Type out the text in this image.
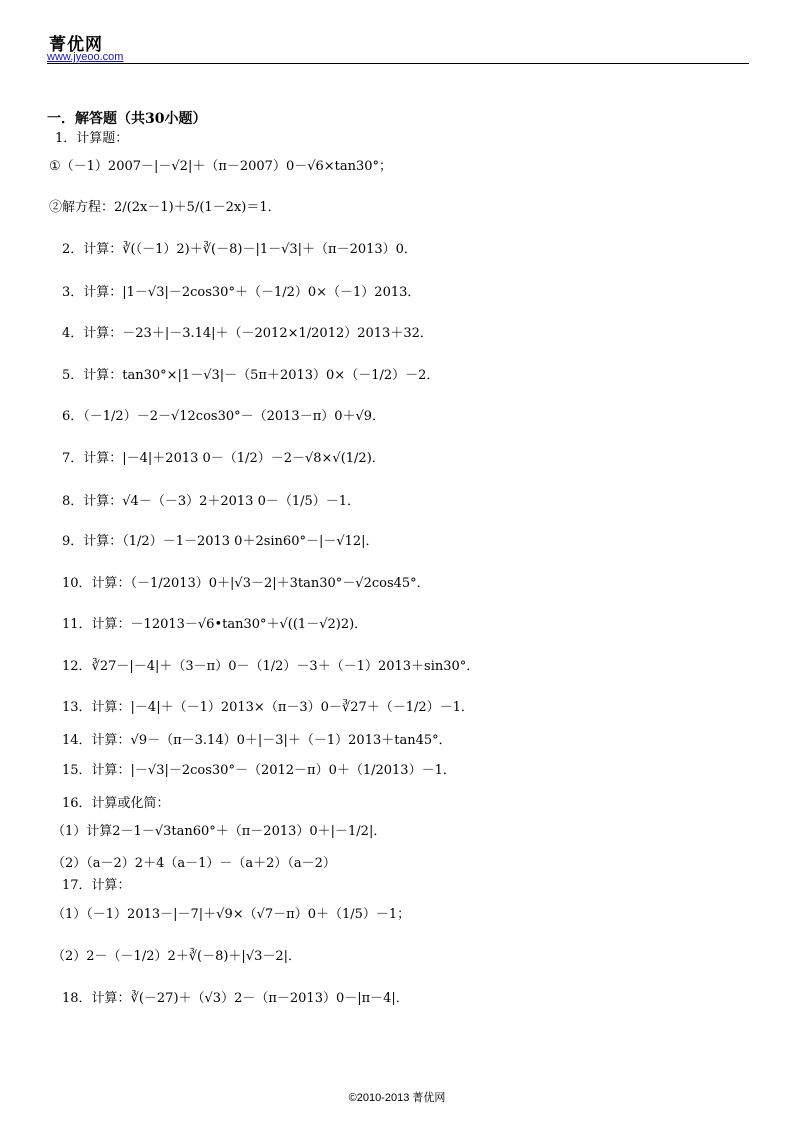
菁优网
www.jyeoo.com
一．解答题（共30小题）
1．计算题：
①（－1）2007－|－√2|＋（π－2007）0－√6×tan30°；
②解方程：2/(2x－1)＋5/(1－2x)＝1．
2．计算：∛(（－1）2)＋∛(－8)－|1－√3|＋（π－2013）0．
3．计算：|1－√3|－2cos30°＋（－1/2）0×（－1）2013．
4．计算：－23＋|－3.14|＋（－2012×1/2012）2013＋32．
5．计算：tan30°×|1－√3|－（5π＋2013）0×（－1/2）－2．
6．（－1/2）－2－√12cos30°－（2013－π）0＋√9．
7．计算：|－4|＋2013 0－（1/2）－2－√8×√(1/2)．
8．计算：√4－（－3）2＋2013 0－（1/5）－1．
9．计算：（1/2）－1－2013 0＋2sin60°－|－√12|．
10．计算：（－1/2013）0＋|√3－2|＋3tan30°－√2cos45°．
11．计算：－12013－√6•tan30°＋√((1－√2)2)．
12．∛27－|－4|＋（3－π）0－（1/2）－3＋（－1）2013＋sin30°．
13．计算：|－4|＋（－1）2013×（π－3）0－∛27＋（－1/2）－1．
14．计算：√9－（π－3.14）0＋|－3|＋（－1）2013＋tan45°．
15．计算：|－√3|－2cos30°－（2012－π）0＋（1/2013）－1．
16．计算或化简：
（1）计算2－1－√3tan60°＋（π－2013）0＋|－1/2|．
（2）（a－2）2＋4（a－1）－（a＋2）（a－2）
17．计算：
（1）（－1）2013－|－7|＋√9×（√7－π）0＋（1/5）－1；
（2）2－（－1/2）2＋∛(－8)＋|√3－2|．
18．计算：∛(－27)＋（√3）2－（π－2013）0－|π－4|．
©2010-2013 菁优网
